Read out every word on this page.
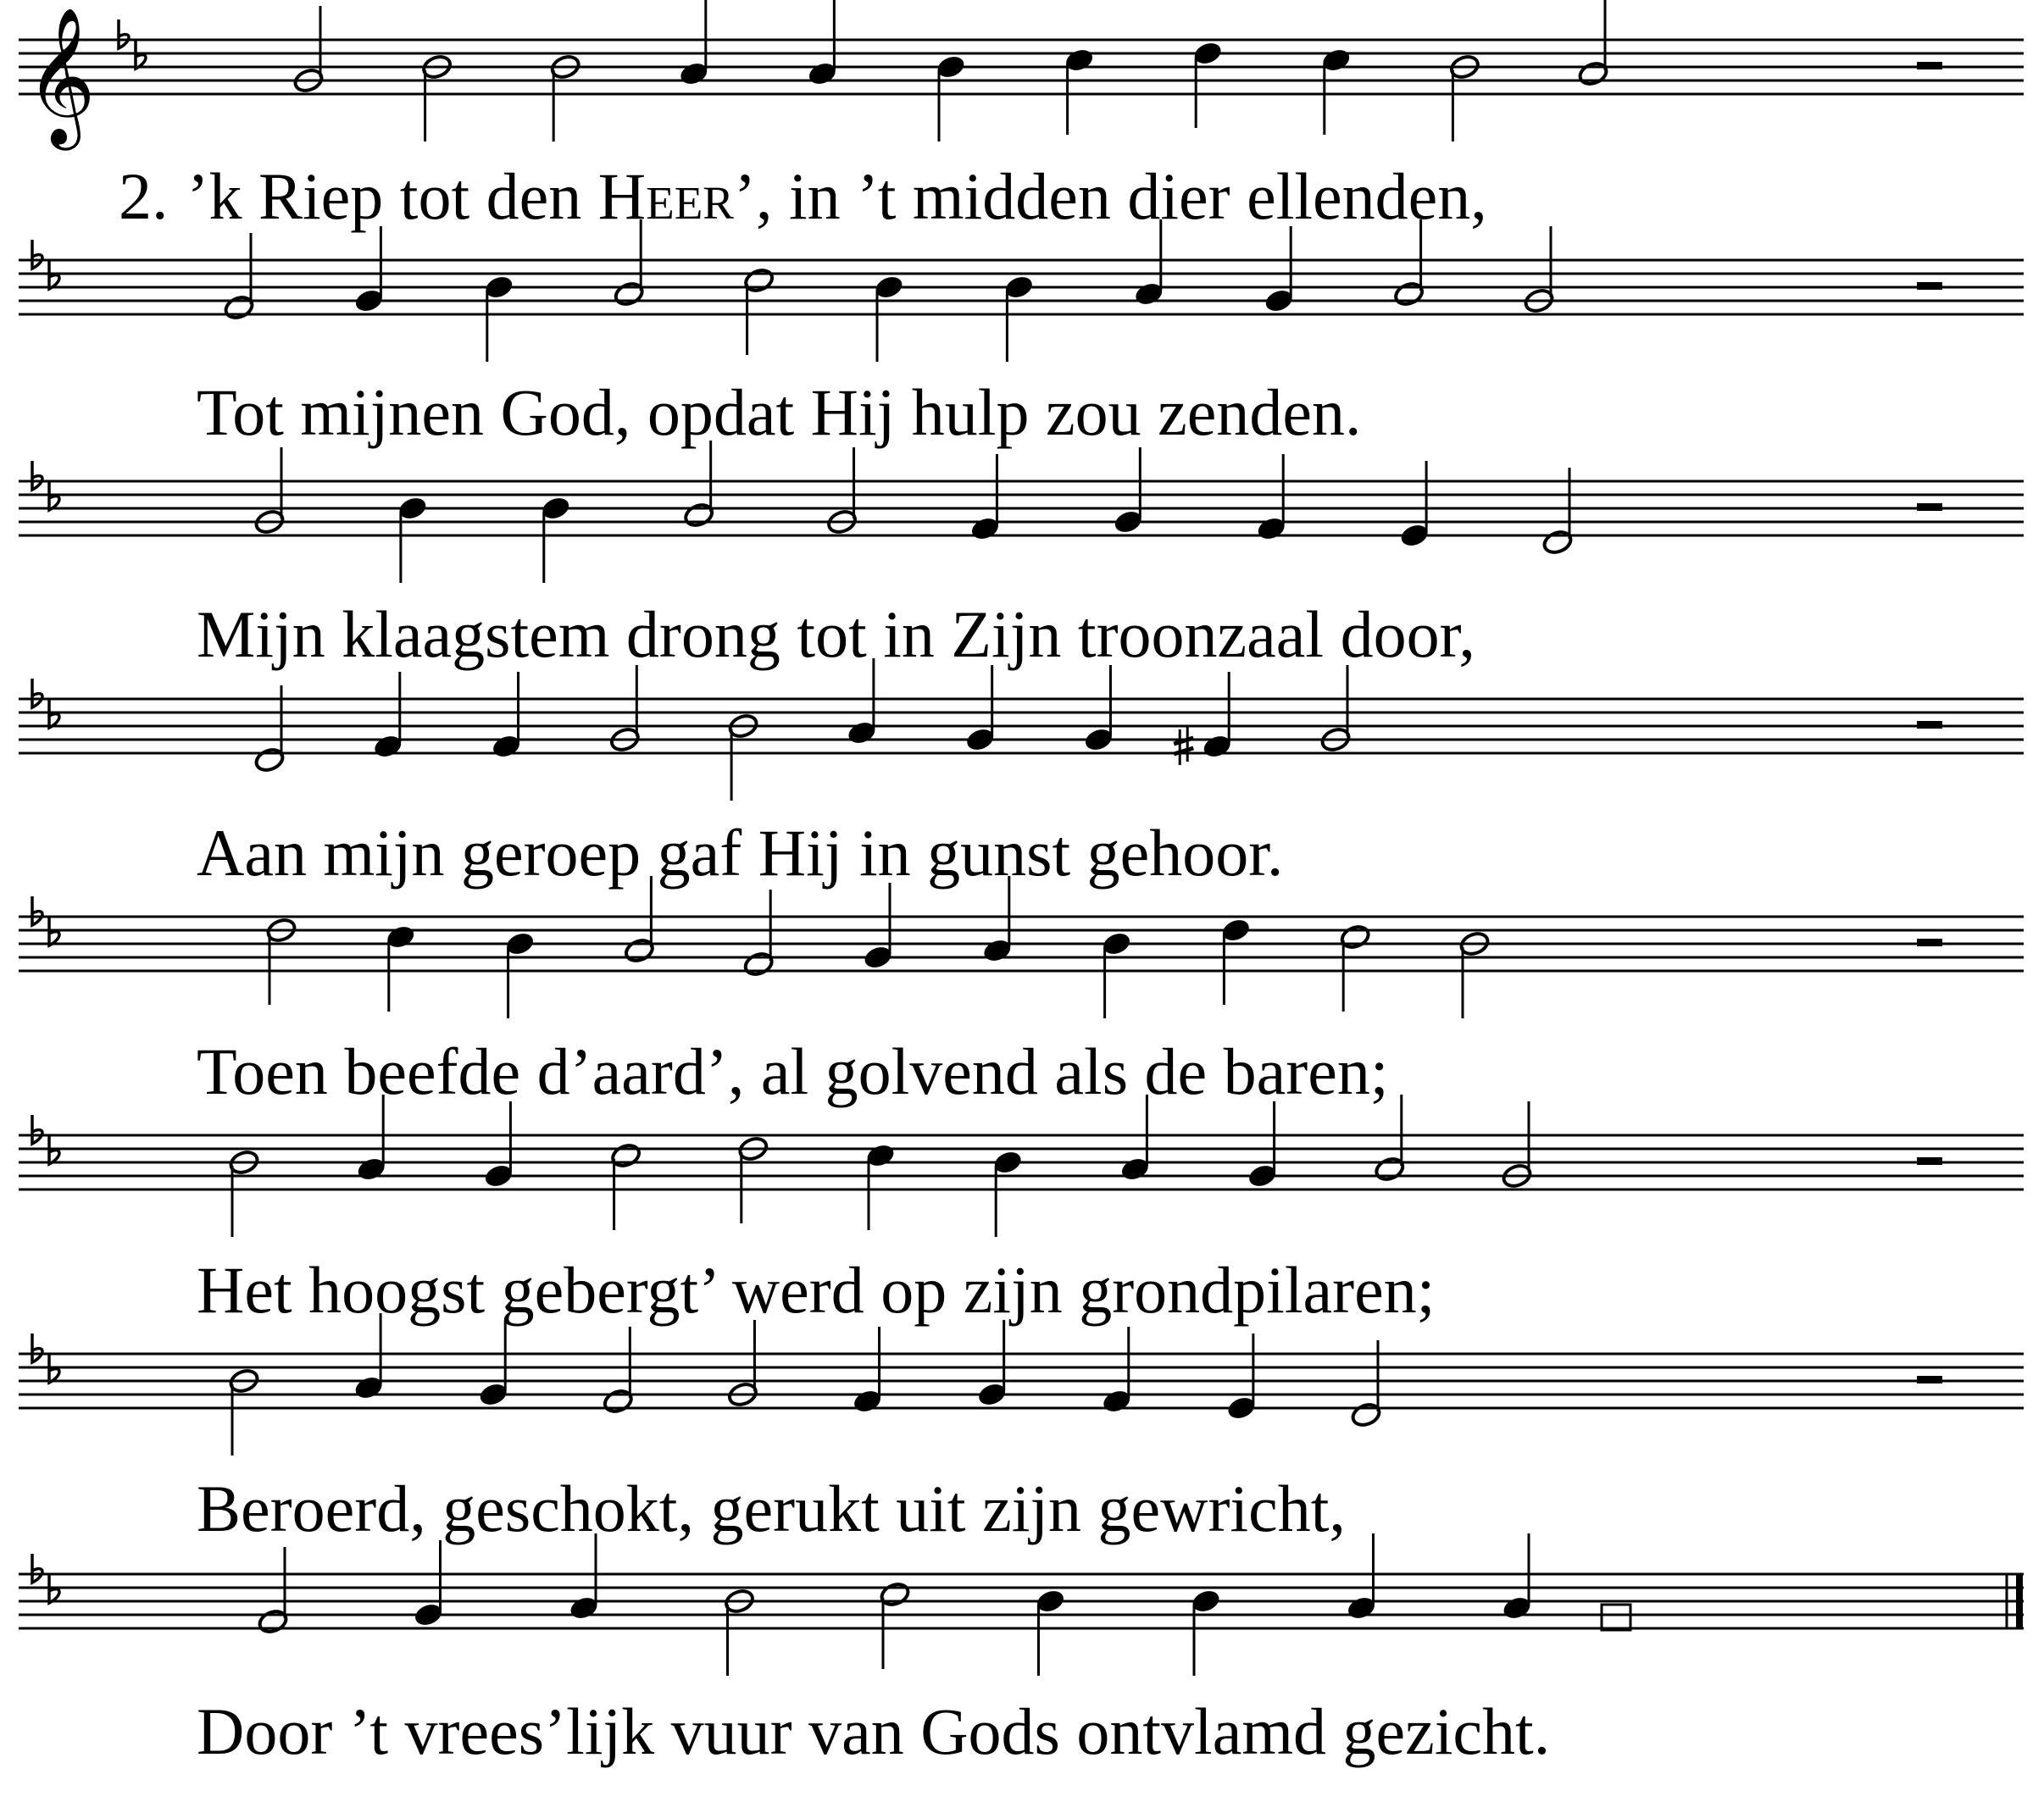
𝄞
2. ’k Riep tot den Heer’, in ’t midden dier ellenden,
Tot mijnen God, opdat Hij hulp zou zenden.
Mijn klaagstem drong tot in Zijn troonzaal door,
Aan mijn geroep gaf Hij in gunst gehoor.
Toen beefde d’aard’, al golvend als de baren;
Het hoogst gebergt’ werd op zijn grondpilaren;
Beroerd, geschokt, gerukt uit zijn gewricht,
Door ’t vrees’lijk vuur van Gods ontvlamd gezicht.
